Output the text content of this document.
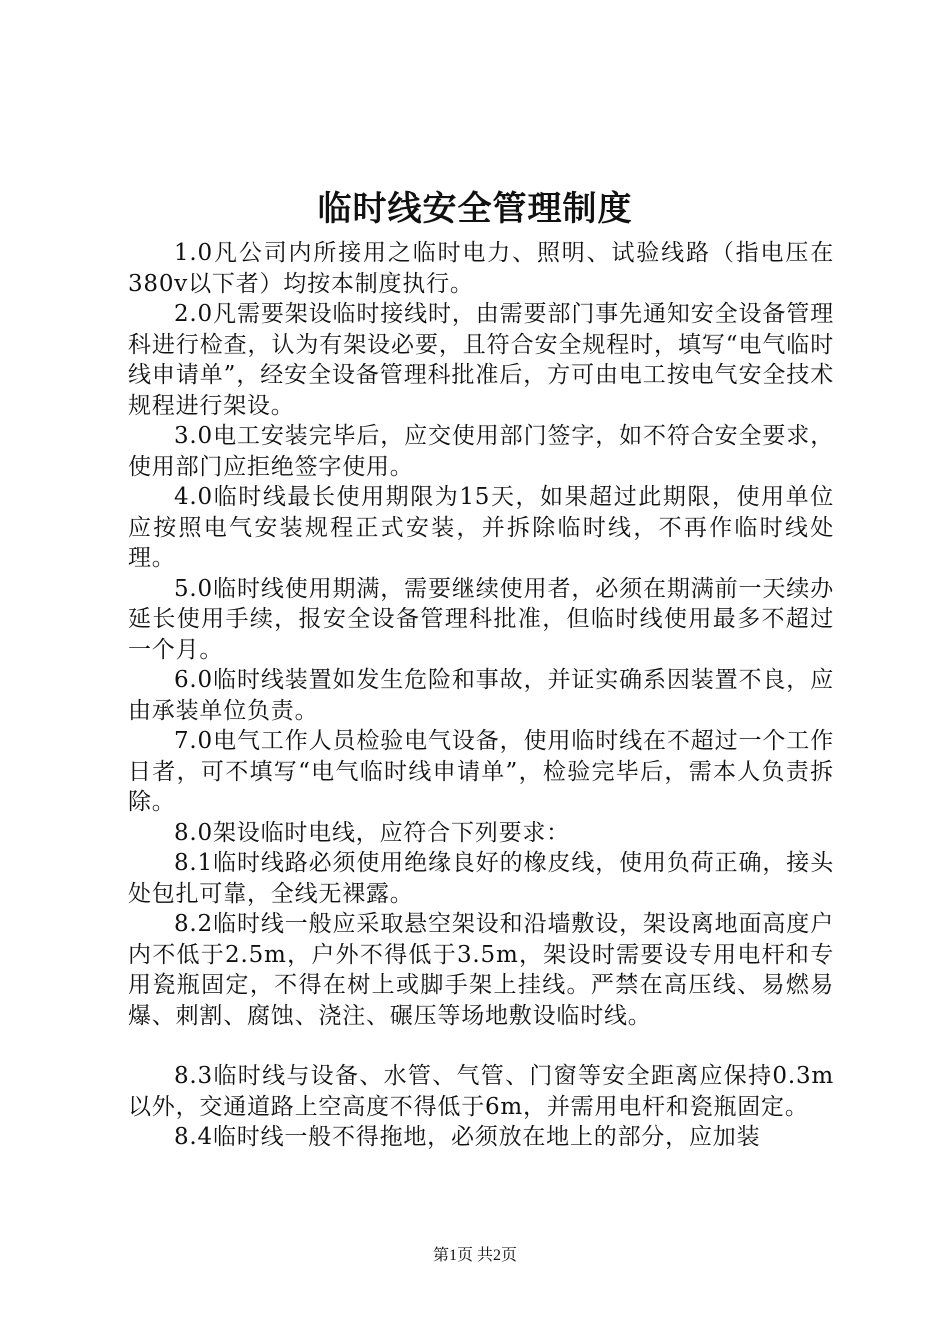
临时线安全管理制度

1.0凡公司内所接用之临时电力、照明、试验线路（指电压在380v以下者）均按本制度执行。

2.0凡需要架设临时接线时，由需要部门事先通知安全设备管理科进行检查，认为有架设必要，且符合安全规程时，填写“电气临时线申请单”，经安全设备管理科批准后，方可由电工按电气安全技术规程进行架设。

3.0电工安装完毕后，应交使用部门签字，如不符合安全要求，使用部门应拒绝签字使用。

4.0临时线最长使用期限为15天，如果超过此期限，使用单位应按照电气安装规程正式安装，并拆除临时线，不再作临时线处理。

5.0临时线使用期满，需要继续使用者，必须在期满前一天续办延长使用手续，报安全设备管理科批准，但临时线使用最多不超过一个月。

6.0临时线装置如发生危险和事故，并证实确系因装置不良，应由承装单位负责。

7.0电气工作人员检验电气设备，使用临时线在不超过一个工作日者，可不填写“电气临时线申请单”，检验完毕后，需本人负责拆除。

8.0架设临时电线，应符合下列要求：

8.1临时线路必须使用绝缘良好的橡皮线，使用负荷正确，接头处包扎可靠，全线无裸露。

8.2临时线一般应采取悬空架设和沿墙敷设，架设离地面高度户内不低于2.5m，户外不得低于3.5m，架设时需要设专用电杆和专用瓷瓶固定，不得在树上或脚手架上挂线。严禁在高压线、易燃易爆、刺割、腐蚀、浇注、碾压等场地敷设临时线。

8.3临时线与设备、水管、气管、门窗等安全距离应保持0.3m以外，交通道路上空高度不得低于6m，并需用电杆和瓷瓶固定。

8.4临时线一般不得拖地，必须放在地上的部分，应加装

第1页 共2页
